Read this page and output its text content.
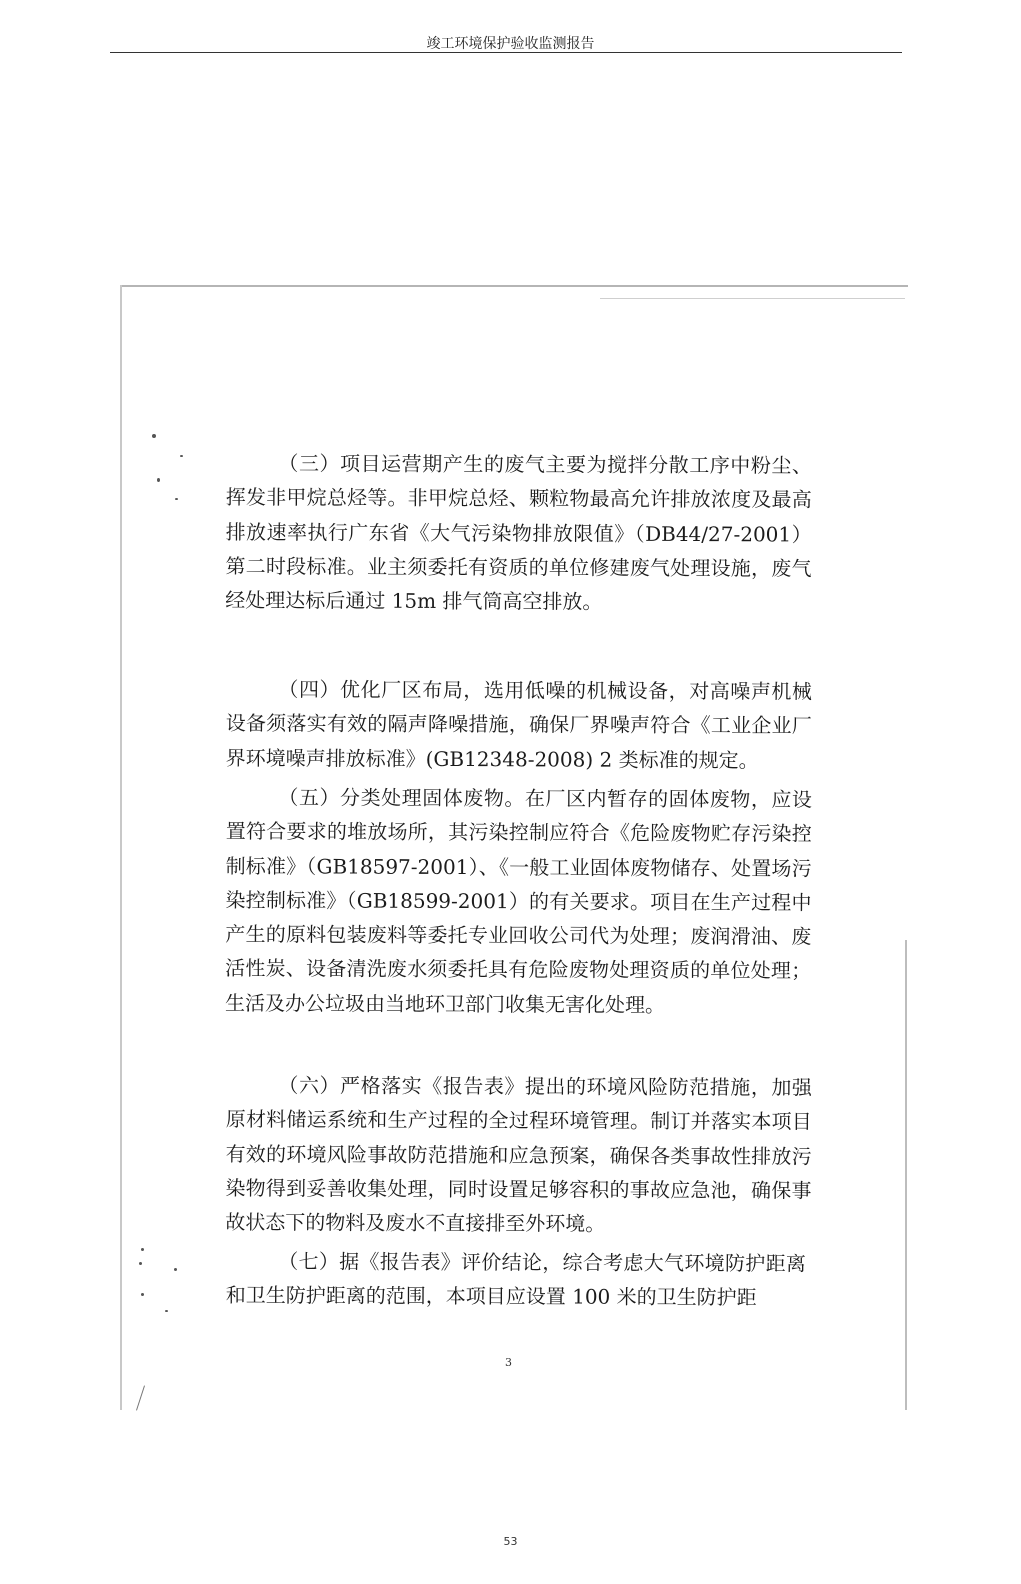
竣工环境保护验收监测报告

（三）项目运营期产生的废气主要为搅拌分散工序中粉尘、挥发非甲烷总烃等。非甲烷总烃、颗粒物最高允许排放浓度及最高排放速率执行广东省《大气污染物排放限值》（DB44/27-2001）第二时段标准。业主须委托有资质的单位修建废气处理设施，废气经处理达标后通过 15m 排气筒高空排放。

（四）优化厂区布局，选用低噪的机械设备，对高噪声机械设备须落实有效的隔声降噪措施，确保厂界噪声符合《工业企业厂界环境噪声排放标准》(GB12348-2008) 2 类标准的规定。

（五）分类处理固体废物。在厂区内暂存的固体废物，应设置符合要求的堆放场所，其污染控制应符合《危险废物贮存污染控制标准》（GB18597-2001）、《一般工业固体废物储存、处置场污染控制标准》（GB18599-2001）的有关要求。项目在生产过程中产生的原料包装废料等委托专业回收公司代为处理；废润滑油、废活性炭、设备清洗废水须委托具有危险废物处理资质的单位处理；生活及办公垃圾由当地环卫部门收集无害化处理。

（六）严格落实《报告表》提出的环境风险防范措施，加强原材料储运系统和生产过程的全过程环境管理。制订并落实本项目有效的环境风险事故防范措施和应急预案，确保各类事故性排放污染物得到妥善收集处理，同时设置足够容积的事故应急池，确保事故状态下的物料及废水不直接排至外环境。

（七）据《报告表》评价结论，综合考虑大气环境防护距离和卫生防护距离的范围，本项目应设置 100 米的卫生防护距

3
53
